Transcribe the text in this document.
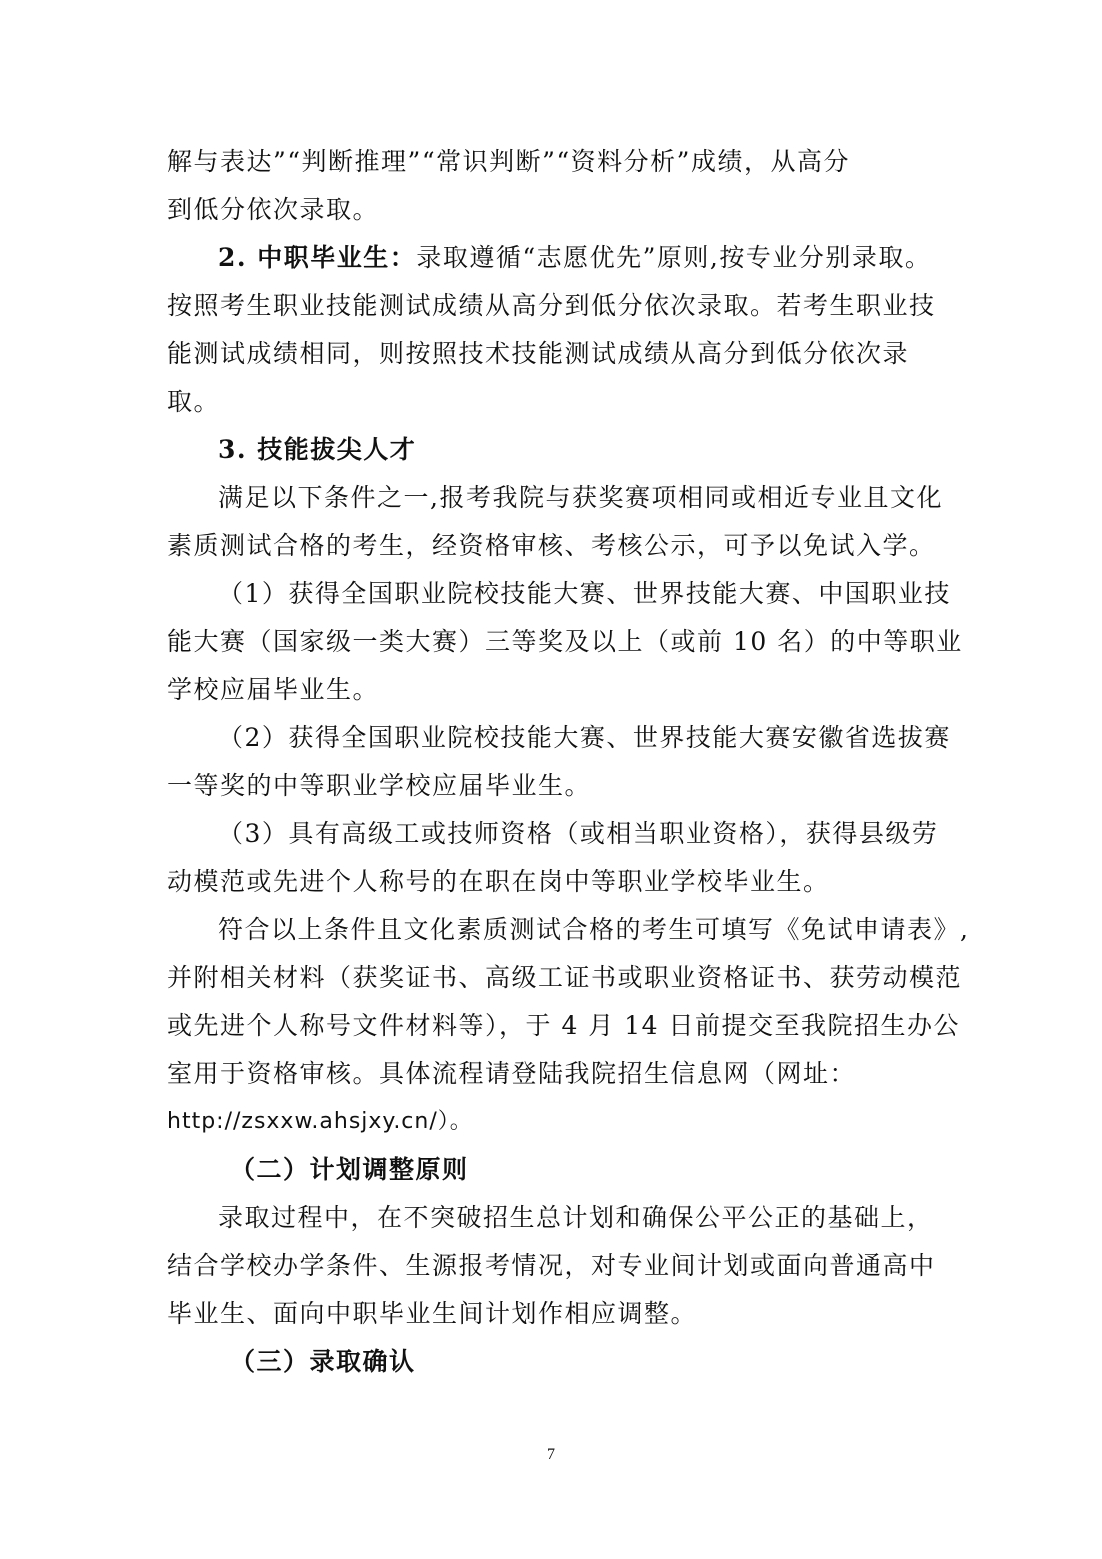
解与表达”“判断推理”“常识判断”“资料分析”成绩，从高分
到低分依次录取。
2. 中职毕业生：录取遵循“志愿优先”原则,按专业分别录取。
按照考生职业技能测试成绩从高分到低分依次录取。若考生职业技
能测试成绩相同，则按照技术技能测试成绩从高分到低分依次录
取。
3. 技能拔尖人才
满足以下条件之一,报考我院与获奖赛项相同或相近专业且文化
素质测试合格的考生，经资格审核、考核公示，可予以免试入学。
（1）获得全国职业院校技能大赛、世界技能大赛、中国职业技
能大赛（国家级一类大赛）三等奖及以上（或前 10 名）的中等职业
学校应届毕业生。
（2）获得全国职业院校技能大赛、世界技能大赛安徽省选拔赛
一等奖的中等职业学校应届毕业生。
（3）具有高级工或技师资格（或相当职业资格），获得县级劳
动模范或先进个人称号的在职在岗中等职业学校毕业生。
符合以上条件且文化素质测试合格的考生可填写《免试申请表》,
并附相关材料（获奖证书、高级工证书或职业资格证书、获劳动模范
或先进个人称号文件材料等），于 4 月 14 日前提交至我院招生办公
室用于资格审核。具体流程请登陆我院招生信息网（网址：
http://zsxxw.ahsjxy.cn/）。
（二）计划调整原则
录取过程中，在不突破招生总计划和确保公平公正的基础上，
结合学校办学条件、生源报考情况，对专业间计划或面向普通高中
毕业生、面向中职毕业生间计划作相应调整。
（三）录取确认
7
